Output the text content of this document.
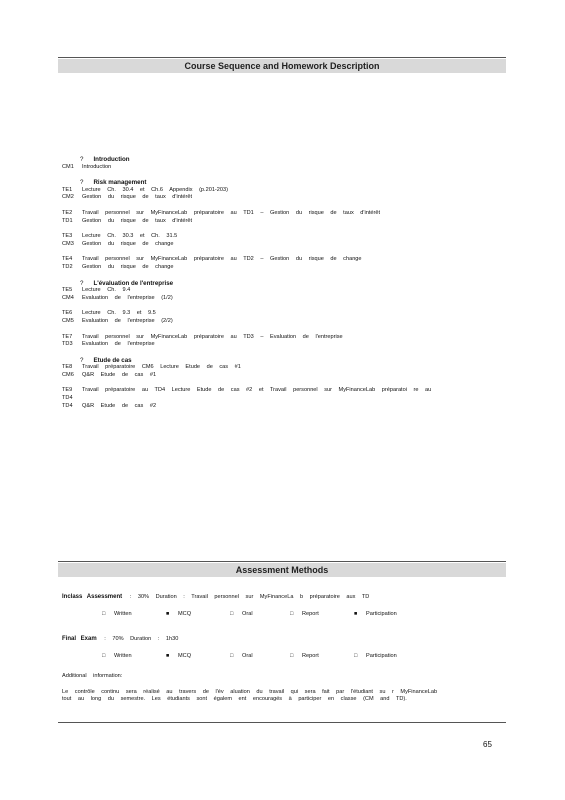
Course Sequence and Homework Description
? Introduction
CM1 Introduction
? Risk management
TE1 Lecture Ch. 30.4 et Ch.6 Appendix (p.201-203)
CM2 Gestion du risque de taux d'intérêt
TE2 Travail personnel sur MyFinanceLab préparatoire au TD1 – Gestion du risque de taux d'intérêt
TD1 Gestion du risque de taux d'intérêt
TE3 Lecture Ch. 30.3 et Ch. 31.5
CM3 Gestion du risque de change
TE4 Travail personnel sur MyFinanceLab préparatoire au TD2 – Gestion du risque de change
TD2 Gestion du risque de change
? L'évaluation de l'entreprise
TE5 Lecture Ch. 9.4
CM4 Evaluation de l'entreprise (1/2)
TE6 Lecture Ch. 9.3 et 9.5
CM5 Evaluation de l'entreprise (2/2)
TE7 Travail personnel sur MyFinanceLab préparatoire au TD3 – Evaluation de l'entreprise
TD3 Evaluation de l'entreprise
? Etude de cas
TE8 Travail préparatoire CM6 Lecture Etude de cas #1
CM6 Q&R Etude de cas #1
TE9 Travail préparatoire au TD4 Lecture Etude de cas #2 et Travail personnel sur MyFinanceLab préparatoi re au
TD4
TD4 Q&R Etude de cas #2
Assessment Methods
Inclass Assessment : 30% Duration : Travail personnel sur MyFinanceLa b préparatoire aux TD
□ Written	■ MCQ	□ Oral	□ Report	■ Participation
Final Exam : 70% Duration : 1h30
□ Written	■ MCQ	□ Oral	□ Report	□ Participation
Additional information:
Le contrôle continu sera réalisé au travers de l'év aluation du travail qui sera fait par l'étudiant su r MyFinanceLab
tout au long du semestre. Les étudiants sont égalem ent encouragés à participer en classe (CM and TD).
65
